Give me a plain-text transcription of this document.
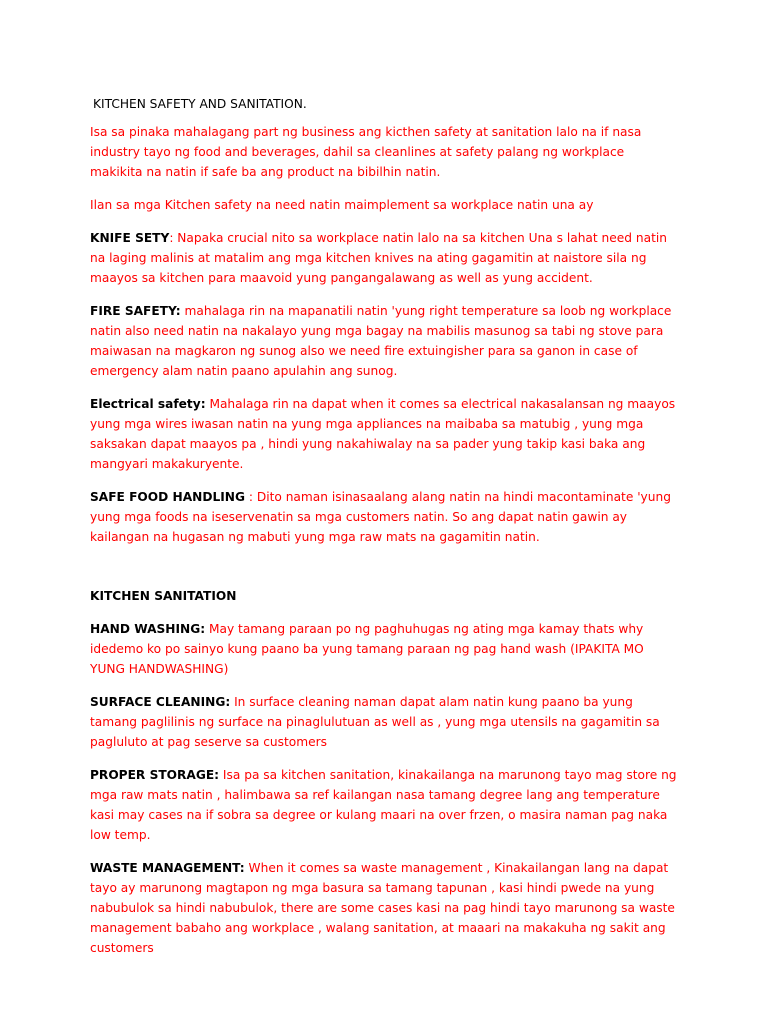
KITCHEN SAFETY AND SANITATION.

Isa sa pinaka mahalagang part ng business ang kicthen safety at sanitation lalo na if nasa industry tayo ng food and beverages, dahil sa cleanlines at safety palang ng workplace makikita na natin if safe ba ang product na bibilhin natin.

Ilan sa mga Kitchen safety na need natin maimplement sa workplace natin una ay

KNIFE SETY: Napaka crucial nito sa workplace natin lalo na sa kitchen Una s lahat need natin na laging malinis at matalim ang mga kitchen knives na ating gagamitin at naistore sila ng maayos sa kitchen para maavoid yung pangangalawang as well as yung accident.

FIRE SAFETY: mahalaga rin na mapanatili natin 'yung right temperature sa loob ng workplace natin also need natin na nakalayo yung mga bagay na mabilis masunog sa tabi ng stove para maiwasan na magkaron ng sunog also we need fire extuingisher para sa ganon in case of emergency alam natin paano apulahin ang sunog.

Electrical safety: Mahalaga rin na dapat when it comes sa electrical nakasalansan ng maayos yung mga wires iwasan natin na yung mga appliances na maibaba sa matubig , yung mga saksakan dapat maayos pa , hindi yung nakahiwalay na sa pader yung takip kasi baka ang mangyari makakuryente.

SAFE FOOD HANDLING : Dito naman isinasaalang alang natin na hindi macontaminate 'yung yung mga foods na iseservenatin sa mga customers natin. So ang dapat natin gawin ay kailangan na hugasan ng mabuti yung mga raw mats na gagamitin natin.

KITCHEN SANITATION

HAND WASHING: May tamang paraan po ng paghuhugas ng ating mga kamay thats why idedemo ko po sainyo kung paano ba yung tamang paraan ng pag hand wash (IPAKITA MO YUNG HANDWASHING)

SURFACE CLEANING: In surface cleaning naman dapat alam natin kung paano ba yung tamang paglilinis ng surface na pinaglulutuan as well as , yung mga utensils na gagamitin sa pagluluto at pag seserve sa customers

PROPER STORAGE: Isa pa sa kitchen sanitation, kinakailanga na marunong tayo mag store ng mga raw mats natin , halimbawa sa ref kailangan nasa tamang degree lang ang temperature kasi may cases na if sobra sa degree or kulang maari na over frzen, o masira naman pag naka low temp.

WASTE MANAGEMENT: When it comes sa waste management , Kinakailangan lang na dapat tayo ay marunong magtapon ng mga basura sa tamang tapunan , kasi hindi pwede na yung nabubulok sa hindi nabubulok, there are some cases kasi na pag hindi tayo marunong sa waste management babaho ang workplace , walang sanitation, at maaari na makakuha ng sakit ang customers
